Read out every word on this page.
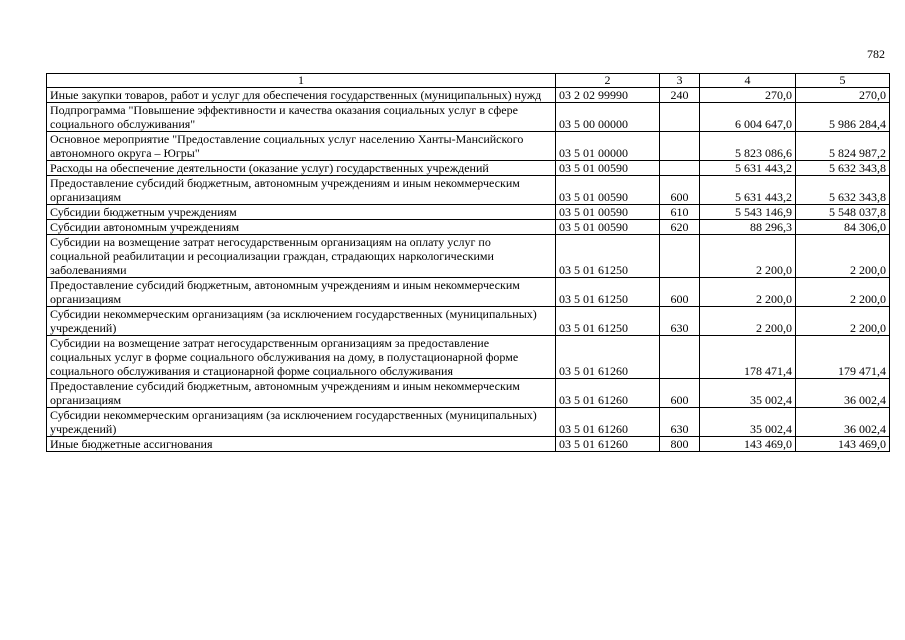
782
1	2	3	4	5
Иные закупки товаров, работ и услуг для обеспечения государственных (муниципальных) нужд	03 2 02 99990	240	270,0	270,0
Подпрограмма "Повышение эффективности и качества оказания социальных услуг в сфере социального обслуживания"	03 5 00 00000		6 004 647,0	5 986 284,4
Основное мероприятие "Предоставление социальных услуг населению Ханты-Мансийского автономного округа – Югры"	03 5 01 00000		5 823 086,6	5 824 987,2
Расходы на обеспечение деятельности (оказание услуг) государственных учреждений	03 5 01 00590		5 631 443,2	5 632 343,8
Предоставление субсидий бюджетным, автономным учреждениям и иным некоммерческим организациям	03 5 01 00590	600	5 631 443,2	5 632 343,8
Субсидии бюджетным учреждениям	03 5 01 00590	610	5 543 146,9	5 548 037,8
Субсидии автономным учреждениям	03 5 01 00590	620	88 296,3	84 306,0
Субсидии на возмещение затрат негосударственным организациям на оплату услуг по социальной реабилитации и ресоциализации граждан, страдающих наркологическими заболеваниями	03 5 01 61250		2 200,0	2 200,0
Предоставление субсидий бюджетным, автономным учреждениям и иным некоммерческим организациям	03 5 01 61250	600	2 200,0	2 200,0
Субсидии некоммерческим организациям (за исключением государственных (муниципальных) учреждений)	03 5 01 61250	630	2 200,0	2 200,0
Субсидии на возмещение затрат негосударственным организациям за предоставление социальных услуг в форме социального обслуживания на дому, в полустационарной форме социального обслуживания и стационарной форме социального обслуживания	03 5 01 61260		178 471,4	179 471,4
Предоставление субсидий бюджетным, автономным учреждениям и иным некоммерческим организациям	03 5 01 61260	600	35 002,4	36 002,4
Субсидии некоммерческим организациям (за исключением государственных (муниципальных) учреждений)	03 5 01 61260	630	35 002,4	36 002,4
Иные бюджетные ассигнования	03 5 01 61260	800	143 469,0	143 469,0
